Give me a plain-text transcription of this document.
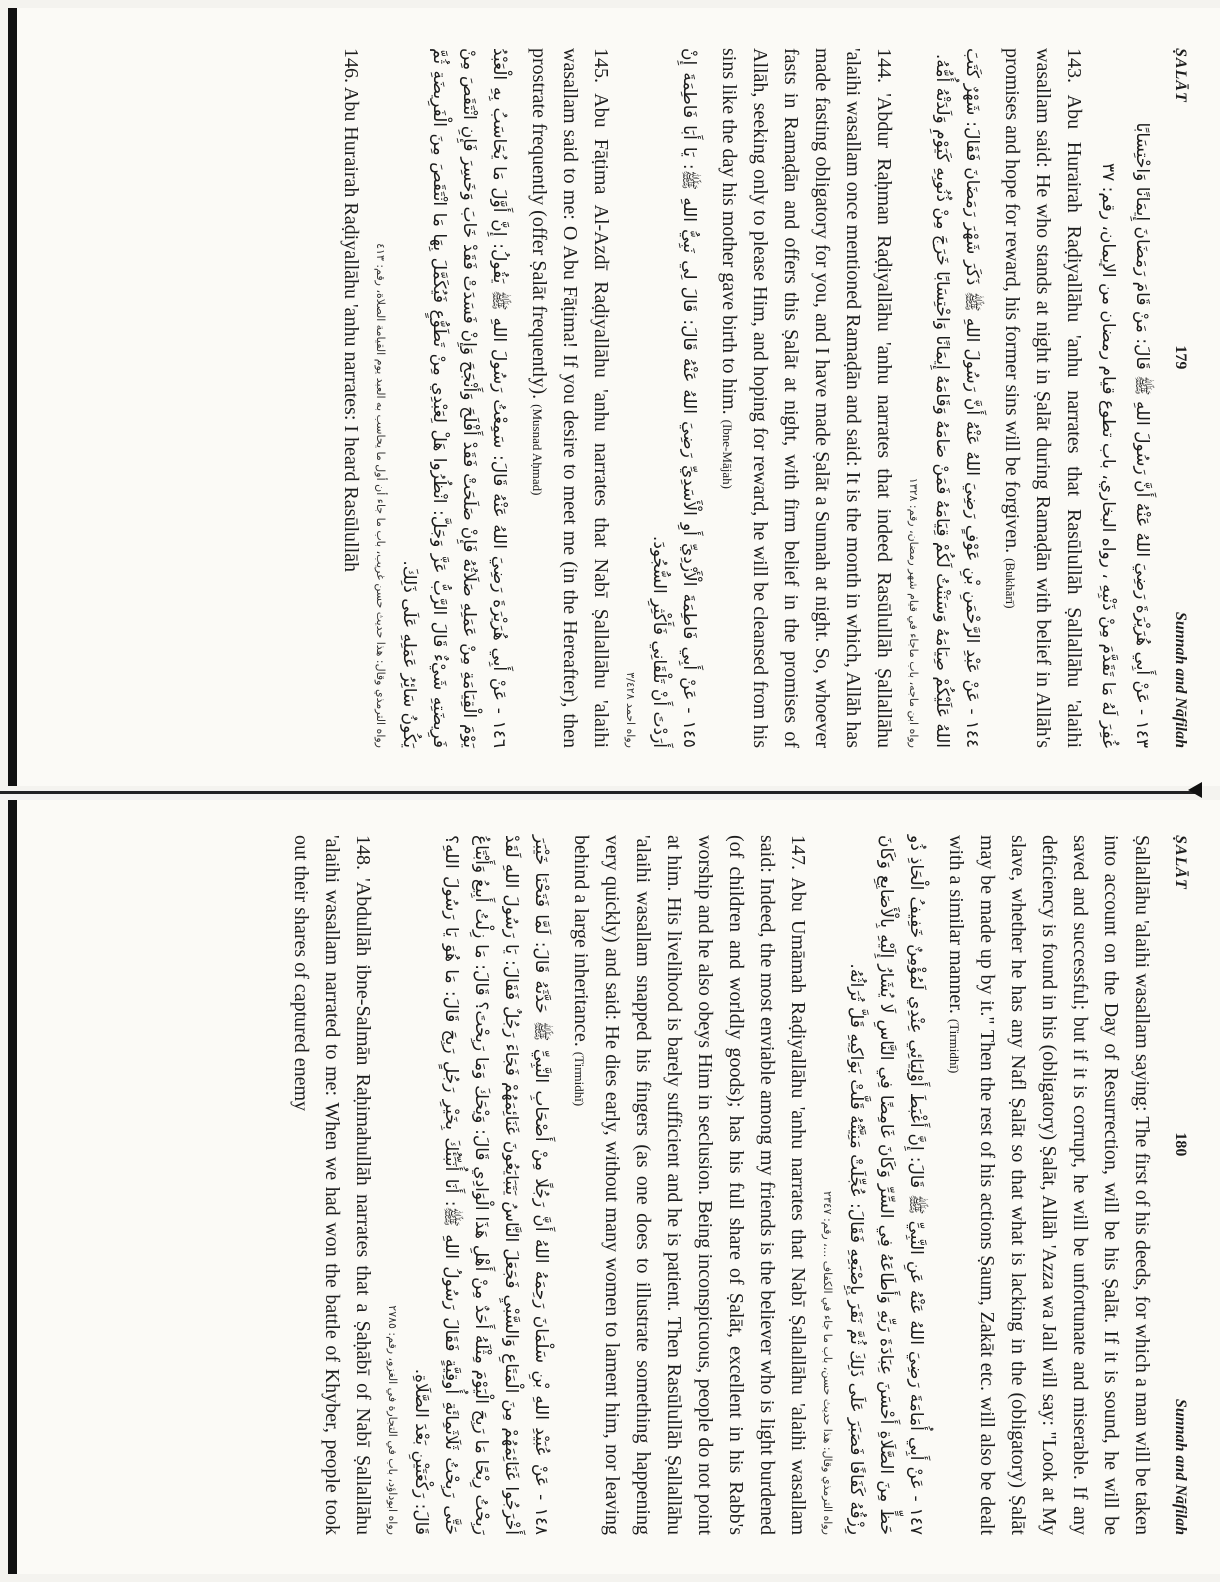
ṢALĀT
179
Sunnah and Nāfilah

١٤٣ - عَنْ أَبِي هُرَيْرَةَ رَضِيَ اللهُ عَنْهُ أَنَّ رَسُولَ اللهِ ﷺ قَالَ: مَنْ قَامَ رَمَضَانَ إِيمَانًا وَاحْتِسَابًا

غُفِرَ لَهُ مَا تَقَدَّمَ مِنْ ذَنْبِهِ ، رواه البخاري، باب تطوع قيام رمضان من الإيمان، رقم: ٣٧

143. Abu Hurairah Raḍiyallāhu 'anhu narrates that Rasūlullāh Ṣallallāhu 'alaihi wasallam said: He who stands at night in Ṣalāt during Ramaḍān with belief in Allāh's promises and hope for reward, his former sins will be forgiven. (Bukhārī)

١٤٤ - عَنْ عَبْدِ الرَّحْمَنِ بْنِ عَوْفٍ رَضِيَ اللهُ عَنْهُ أَنَّ رَسُولَ اللهِ ﷺ ذَكَرَ شَهْرَ رَمَضَانَ فَقَالَ: شَهْرٌ كَتَبَ اللهُ عَلَيْكُمْ صِيَامَهُ وَسَنَنْتُ لَكُمْ قِيَامَهُ فَمَنْ صَامَهُ وَقَامَهُ إِيمَانًا وَاحْتِسَابًا خَرَجَ مِنْ ذُنُوبِهِ كَيَوْمِ وَلَدَتْهُ أُمُّهُ.

رواه ابن ماجه، باب ماجاء في قيام شهر رمضان، رقم: ١٣٢٨

144. 'Abdur Raḥman Raḍiyallāhu 'anhu narrates that indeed Rasūlullāh Ṣallallāhu 'alaihi wasallam once mentioned Ramaḍān and said: It is the month in which, Allāh has made fasting obligatory for you, and I have made Ṣalāt a Sunnah at night. So, whoever fasts in Ramaḍān and offers this Ṣalāt at night, with firm belief in the promises of Allāh, seeking only to please Him, and hoping for reward, he will be cleansed from his sins like the day his mother gave birth to him. (Ibne-Mājah)

١٤٥ - عَنْ أَبِي فَاطِمَةَ الْأَزْدِيِّ أَوِ الْأَسَدِيِّ رَضِيَ اللهُ عَنْهُ قَالَ: قَالَ لِي نَبِيُّ اللهِ ﷺ: يَا أَبَا فَاطِمَةَ إِنْ أَرَدْتَ أَنْ تَلْقَانِي فَأَكْثِرِ السُّجُودَ.

رواه احمد ٣/٤٢٨

145. Abu Fāṭima Al-Azdī Raḍiyallāhu 'anhu narrates that Nabī Ṣallallāhu 'alaihi wasallam said to me: O Abu Fāṭima! If you desire to meet me (in the Hereafter), then prostrate frequently (offer Ṣalāt frequently). (Musnad Aḥmad)

١٤٦ - عَنْ أَبِي هُرَيْرَةَ رَضِيَ اللهُ عَنْهُ قَالَ: سَمِعْتُ رَسُولَ اللهِ ﷺ يَقُولُ: إِنَّ أَوَّلَ مَا يُحَاسَبُ بِهِ الْعَبْدُ يَوْمَ الْقِيَامَةِ مِنْ عَمَلِهِ صَلَاتُهُ فَإِنْ صَلَحَتْ فَقَدْ أَفْلَحَ وَأَنْجَحَ وَإِنْ فَسَدَتْ فَقَدْ خَابَ وَخَسِرَ فَإِنِ انْتَقَصَ مِنْ فَرِيضَتِهِ شَيْءٌ قَالَ الرَّبُّ عَزَّ وَجَلَّ: انْظُرُوا هَلْ لِعَبْدِي مِنْ تَطَوُّعٍ فَيُكَمَّلَ بِهَا مَا انْتَقَصَ مِنَ الْفَرِيضَةِ ثُمَّ يَكُونُ سَائِرُ عَمَلِهِ عَلَى ذَلِكَ.

رواه الترمذي وقال: هذا حديث حسن غريب، باب ما جاء أن أول ما يحاسب به العبد يوم القيامة الصلاة، رقم: ٤١٣

146. Abu Hurairah Raḍiyallāhu 'anhu narrates: I heard Rasūlullāh

ṢALĀT
180
Sunnah and Nāfilah

Ṣallallāhu 'alaihi wasallam saying: The first of his deeds, for which a man will be taken into account on the Day of Resurrection, will be his Ṣalāt. If it is sound, he will be saved and successful; but if it is corrupt, he will be unfortunate and miserable. If any deficiency is found in his (obligatory) Ṣalāt, Allāh 'Azza wa Jall will say: "Look at My slave, whether he has any Nafl Ṣalāt so that what is lacking in the (obligatory) Ṣalāt may be made up by it." Then the rest of his actions Ṣaum, Zakāt etc. will also be dealt with a similar manner. (Tirmidhī)

١٤٧ - عَنْ أَبِي أُمَامَةَ رَضِيَ اللهُ عَنْهُ عَنِ النَّبِيِّ ﷺ قَالَ: إِنَّ أَغْبَطَ أَوْلِيَائِي عِنْدِي لَمُؤْمِنٌ خَفِيفُ الْحَاذِ ذُو حَظٍّ مِنَ الصَّلَاةِ أَحْسَنَ عِبَادَةَ رَبِّهِ وَأَطَاعَهُ فِي السِّرِّ وَكَانَ غَامِضًا فِي النَّاسِ لَا يُشَارُ إِلَيْهِ بِالْأَصَابِعِ وَكَانَ رِزْقُهُ كَفَافًا فَصَبَرَ عَلَى ذَلِكَ ثُمَّ نَقَرَ بِإِصْبَعِهِ فَقَالَ: عُجِّلَتْ مَنِيَّتُهُ قَلَّتْ بَوَاكِيهِ قَلَّ تُرَاثُهُ.

رواه الترمذي وقال: هذا حديث حسن، باب ما جاء في الكفاف ...، رقم: ٢٣٤٧

147. Abu Umāmah Raḍiyallāhu 'anhu narrates that Nabī Ṣallallāhu 'alaihi wasallam said: Indeed, the most enviable among my friends is the believer who is light burdened (of children and worldly goods); has his full share of Ṣalāt, excellent in his Rabb's worship and he also obeys Him in seclusion. Being inconspicuous, people do not point at him. His livelihood is barely sufficient and he is patient. Then Rasūlullāh Ṣallallāhu 'alaihi wasallam snapped his fingers (as one does to illustrate something happening very quickly) and said: He dies early, without many women to lament him, nor leaving behind a large inheritance. (Tirmidhī)

١٤٨ - عَنْ عُبَيْدِ اللهِ بْنِ سَلْمَانَ رَحِمَهُ اللهُ أَنَّ رَجُلًا مِنْ أَصْحَابِ النَّبِيِّ ﷺ حَدَّثَهُ قَالَ: لَمَّا فَتَحْنَا خَيْبَرَ أَخْرَجُوا غَنَائِمَهُمْ مِنَ الْمَتَاعِ وَالسَّبْيِ فَجَعَلَ النَّاسُ يَتَبَايَعُونَ غَنَائِمَهُمْ فَجَاءَ رَجُلٌ فَقَالَ: يَا رَسُولَ اللهِ لَقَدْ رَبِحْتُ رِبْحًا مَا رَبِحَ الْيَوْمَ مِثْلَهُ أَحَدٌ مِنْ أَهْلِ هَذَا الْوَادِي قَالَ: وَيْحَكَ وَمَا رَبِحْتَ؟ قَالَ: مَا زِلْتُ أَبِيعُ وَأَبْتَاعُ حَتَّى رَبِحْتُ ثَلَاثَمِائَةِ أُوقِيَّةٍ فَقَالَ رَسُولُ اللهِ ﷺ: أَنَا أُنَبِّئُكَ بِخَيْرِ رَجُلٍ رَبِحَ قَالَ: مَا هُوَ يَا رَسُولَ اللهِ؟ قَالَ: رَكْعَتَيْنِ بَعْدَ الصَّلَاةِ.

رواه ابوداؤد، باب في التجارة في الغزو، رقم: ٢٧٨٥

148. 'Abdullāh ibne-Salmān Raḥimahullāh narrates that a Ṣaḥābī of Nabī Ṣallallāhu 'alaihi wasallam narrated to me: When we had won the battle of Khyber, people took out their shares of captured enemy
